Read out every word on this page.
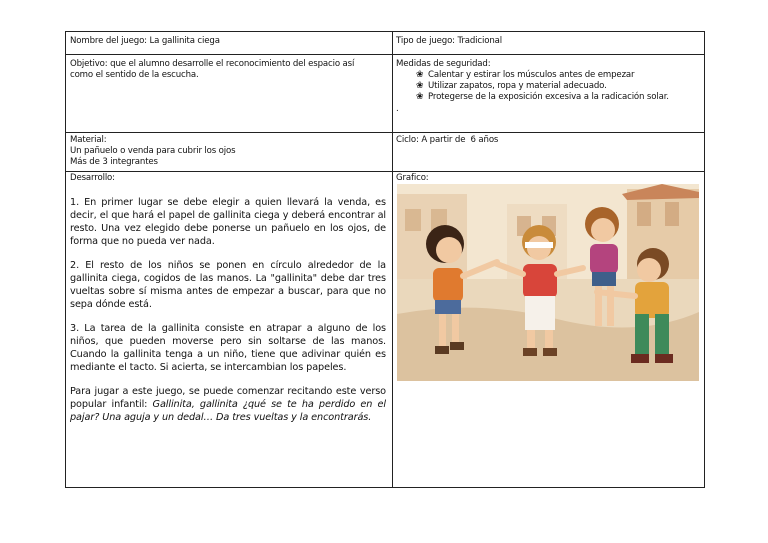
Nombre del juego: La gallinita ciega	Tipo de juego: Tradicional
Objetivo: que el alumno desarrolle el reconocimiento del espacio así como el sentido de la escucha.
Medidas de seguridad:
❀ Calentar y estirar los músculos antes de empezar
❀ Utilizar zapatos, ropa y material adecuado.
❀ Protegerse de la exposición excesiva a la radicación solar.
.
Material:
Un pañuelo o venda para cubrir los ojos
Más de 3 integrantes
Ciclo: A partir de  6 años
Desarrollo:

1. En primer lugar se debe elegir a quien llevará la venda, es decir, el que hará el papel de gallinita ciega y deberá encontrar al resto. Una vez elegido debe ponerse un pañuelo en los ojos, de forma que no pueda ver nada.

2. El resto de los niños se ponen en círculo alrededor de la gallinita ciega, cogidos de las manos. La "gallinita" debe dar tres vueltas sobre sí misma antes de empezar a buscar, para que no sepa dónde está.

3. La tarea de la gallinita consiste en atrapar a alguno de los niños, que pueden moverse pero sin soltarse de las manos. Cuando la gallinita tenga a un niño, tiene que adivinar quién es mediante el tacto. Si acierta, se intercambian los papeles.

Para jugar a este juego, se puede comenzar recitando este verso popular infantil: Gallinita, gallinita ¿qué se te ha perdido en el pajar? Una aguja y un dedal… Da tres vueltas y la encontrarás.

Grafico:
